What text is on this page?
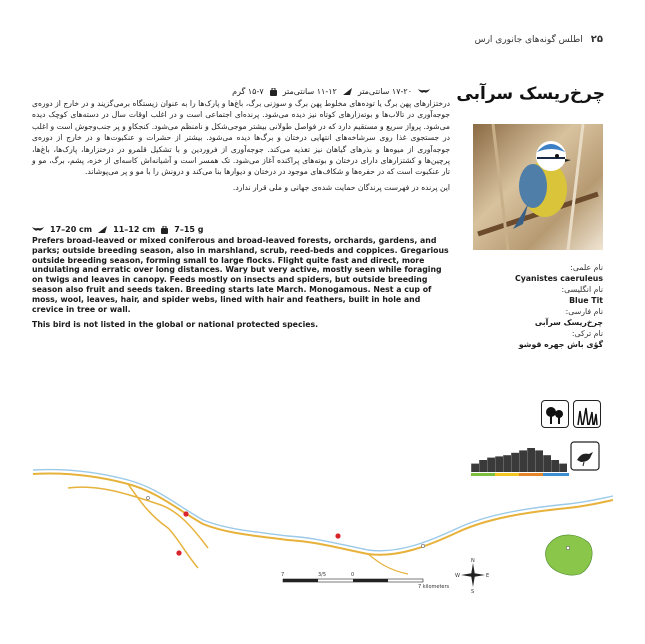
۲۵
اطلس گونه‌های جانوری ارس
چرخ‌ریسک سرآبی
۱۷-۲۰ سانتی‌متر
۱۱-۱۲ سانتی‌متر
۱۵-۷ گرم

درختزارهای پهن برگ یا توده‌های مخلوط پهن برگ و سوزنی برگ، باغ‌ها و پارک‌ها را به عنوان زیستگاه برمی‌گزیند و در خارج از دوره‌ی جوجه‌آوری در تالاب‌ها و بوته‌زارهای کوتاه نیز دیده می‌شود. پرنده‌ای اجتماعی است و در اغلب اوقات سال در دسته‌های کوچک دیده می‌شود. پرواز سریع و مستقیم دارد که در فواصل طولانی بیشتر موجی‌شکل و نامنظم می‌شود. کنجکاو و پر جنب‌وجوش است و اغلب در جستجوی غذا روی سرشاخه‌های انتهایی درختان و برگ‌ها دیده می‌شود. بیشتر از حشرات و عنکبوت‌ها و در خارج از دوره‌ی جوجه‌آوری از میوه‌ها و بذرهای گیاهان نیز تغذیه می‌کند. جوجه‌آوری از فروردین و با تشکیل قلمرو در درختزارها، پارک‌ها، باغ‌ها، پرچین‌ها و کشتزارهای دارای درختان و بوته‌های پراکنده آغاز می‌شود. تک همسر است و آشیانه‌اش کاسه‌ای از خزه، پشم، برگ، مو و تار عنکبوت است که در حفره‌ها و شکاف‌های موجود در درختان و دیوارها بنا می‌کند و درونش را با مو و پر می‌پوشاند.

این پرنده در فهرست پرندگان حمایت شده‌ی جهانی و ملی قرار ندارد.

17–20 cm	11–12 cm 7–15 g

Prefers broad-leaved or mixed coniferous and broad-leaved forests, orchards, gardens, and parks; outside breeding season, also in marshland, scrub, reed-beds and coppices. Gregarious outside breeding season, forming small to large flocks. Flight quite fast and direct, more undulating and erratic over long distances. Wary but very active, mostly seen while foraging on twigs and leaves in canopy. Feeds mostly on insects and spiders, but outside breeding season also fruit and seeds taken. Breeding starts late March. Monogamous. Nest a cup of moss, wool, leaves, hair, and spider webs, lined with hair and feathers, built in hole and crevice in tree or wall.

This bird is not listed in the global or national protected species.

نام علمی:
Cyanistes caeruleus
نام انگلیسی:
Blue Tit
نام فارسی:
چرخ‌ریسک سرآبی
نام ترکی:
گؤی باش جهره قوشو
7	3/5	0
7 kilometers
N
S
E
W
